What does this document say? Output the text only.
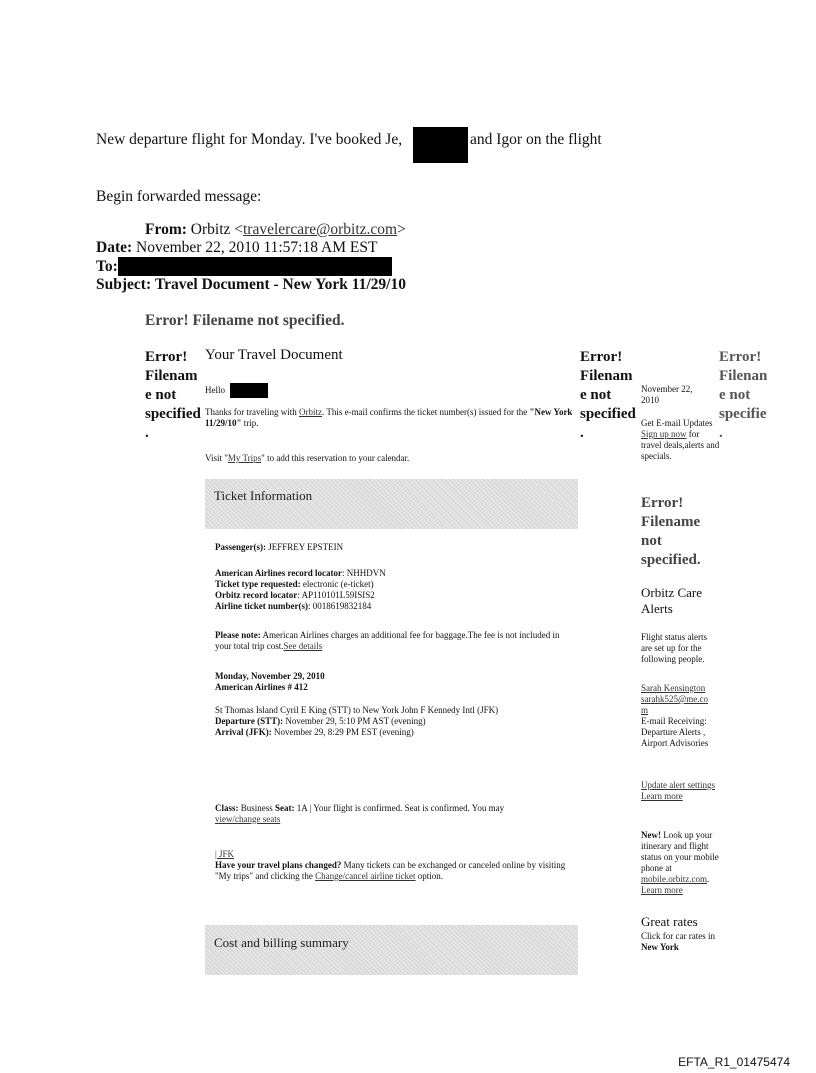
New departure flight for Monday. I've booked Je,	and Igor on the flight
Begin forwarded message:
From: Orbitz <travelercare@orbitz.com>
Date: November 22, 2010 11:57:18 AM EST
To:
Subject: Travel Document - New York 11/29/10
Error! Filename not specified.
Error!
Filenam
e not
specified
.
Error!
Filenam
e not
specified
.
Error!
Filenan
e not
specifie
.
Your Travel Document
Hello
Thanks for traveling with Orbitz. This e-mail confirms the ticket number(s) issued for the "New York 11/29/10" trip.
Visit "My Trips" to add this reservation to your calendar.
Ticket Information
Passenger(s): JEFFREY EPSTEIN
American Airlines record locator: NHHDVN
Ticket type requested: electronic (e-ticket)
Orbitz record locator: AP110101L59ISIS2
Airline ticket number(s): 0018619832184
Please note: American Airlines charges an additional fee for baggage.The fee is not included in your total trip cost.See details
Monday, November 29, 2010
American Airlines # 412
St Thomas Island Cyril E King (STT) to New York John F Kennedy Intl (JFK)
Departure (STT): November 29, 5:10 PM AST (evening)
Arrival (JFK): November 29, 8:29 PM EST (evening)
Class: Business Seat: 1A | Your flight is confirmed. Seat is confirmed. You may
view/change seats
| JFK
Have your travel plans changed? Many tickets can be exchanged or canceled online by visiting "My trips" and clicking the Change/cancel airline ticket option.
Cost and billing summary
November 22, 2010
Get E-mail Updates
Sign up now for travel deals,alerts and specials.
Error!
Filename
not
specified.
Orbitz Care Alerts
Flight status alerts are set up for the following people.
Sarah Kensington
sarahk525@me.co m
E-mail Receiving: Departure Alerts , Airport Advisories
Update alert settings
Learn more
New! Look up your itinerary and flight status on your mobile phone at mobile.orbitz.com.
Learn more
Great rates
Click for car rates in New York
EFTA_R1_01475474
